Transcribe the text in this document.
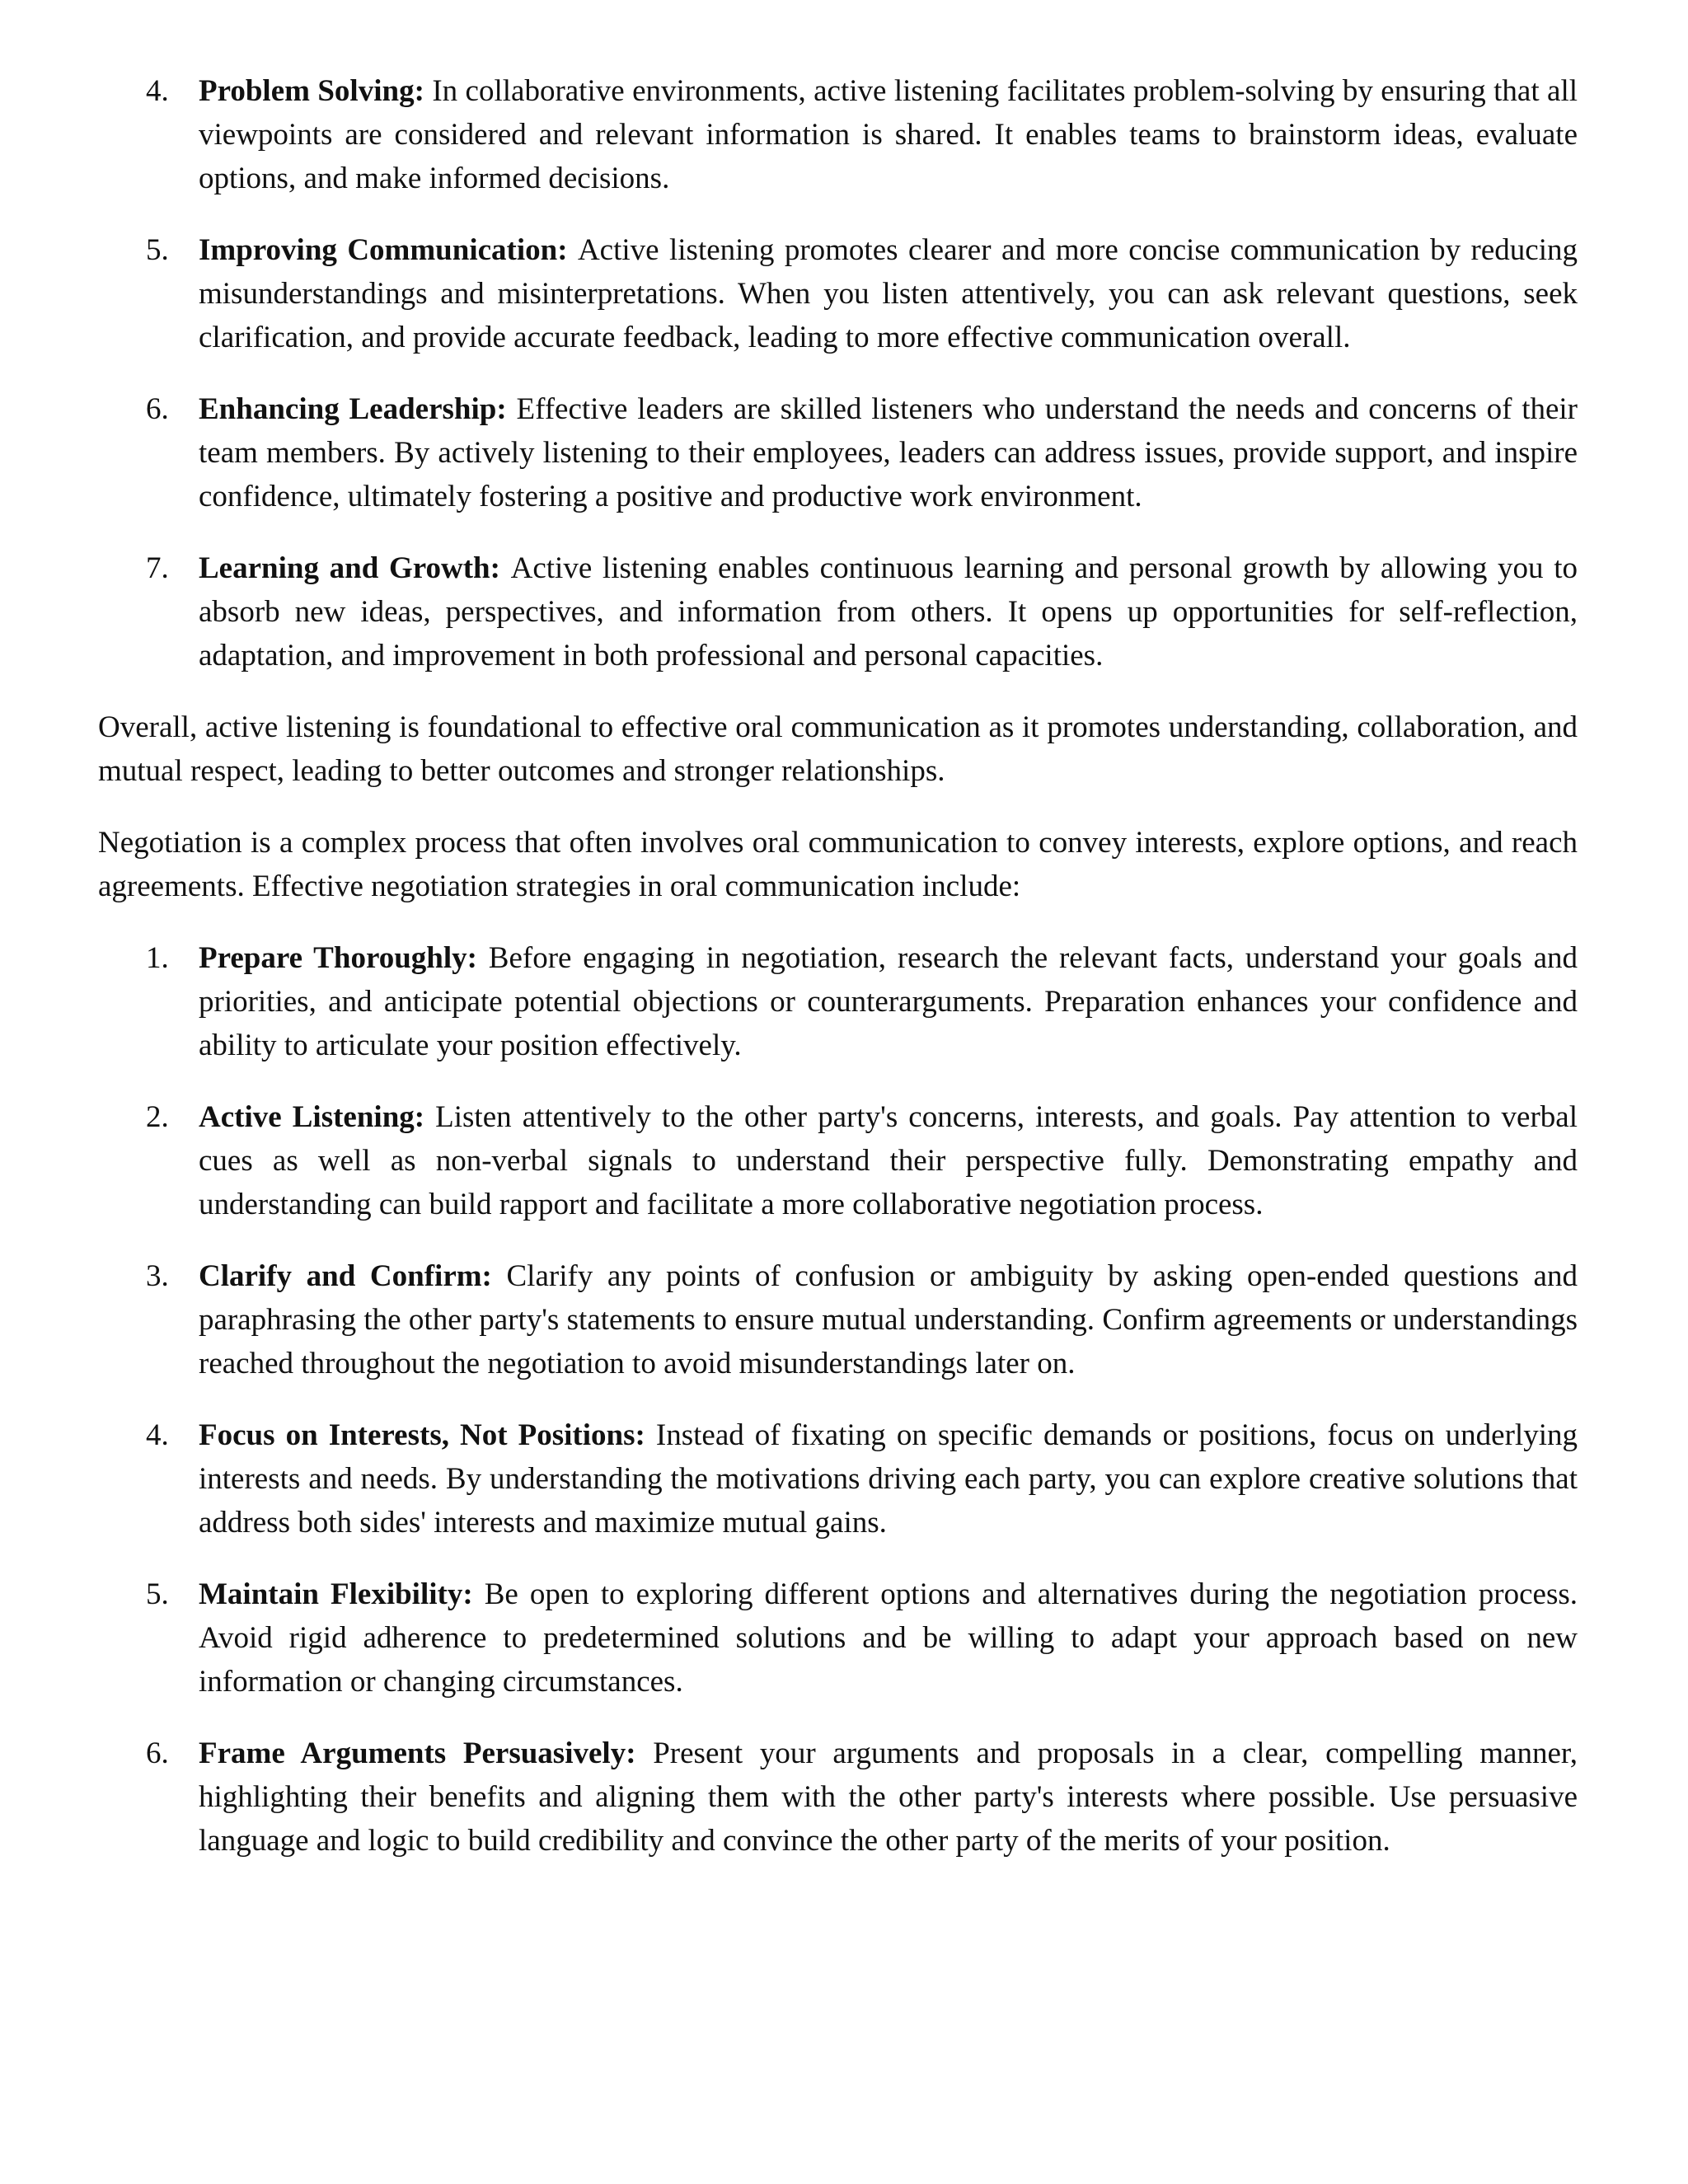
4. Problem Solving: In collaborative environments, active listening facilitates problem-solving by ensuring that all viewpoints are considered and relevant information is shared. It enables teams to brainstorm ideas, evaluate options, and make informed decisions.
5. Improving Communication: Active listening promotes clearer and more concise communication by reducing misunderstandings and misinterpretations. When you listen attentively, you can ask relevant questions, seek clarification, and provide accurate feedback, leading to more effective communication overall.
6. Enhancing Leadership: Effective leaders are skilled listeners who understand the needs and concerns of their team members. By actively listening to their employees, leaders can address issues, provide support, and inspire confidence, ultimately fostering a positive and productive work environment.
7. Learning and Growth: Active listening enables continuous learning and personal growth by allowing you to absorb new ideas, perspectives, and information from others. It opens up opportunities for self-reflection, adaptation, and improvement in both professional and personal capacities.

Overall, active listening is foundational to effective oral communication as it promotes understanding, collaboration, and mutual respect, leading to better outcomes and stronger relationships.

Negotiation is a complex process that often involves oral communication to convey interests, explore options, and reach agreements. Effective negotiation strategies in oral communication include:

1. Prepare Thoroughly: Before engaging in negotiation, research the relevant facts, understand your goals and priorities, and anticipate potential objections or counterarguments. Preparation enhances your confidence and ability to articulate your position effectively.
2. Active Listening: Listen attentively to the other party's concerns, interests, and goals. Pay attention to verbal cues as well as non-verbal signals to understand their perspective fully. Demonstrating empathy and understanding can build rapport and facilitate a more collaborative negotiation process.
3. Clarify and Confirm: Clarify any points of confusion or ambiguity by asking open-ended questions and paraphrasing the other party's statements to ensure mutual understanding. Confirm agreements or understandings reached throughout the negotiation to avoid misunderstandings later on.
4. Focus on Interests, Not Positions: Instead of fixating on specific demands or positions, focus on underlying interests and needs. By understanding the motivations driving each party, you can explore creative solutions that address both sides' interests and maximize mutual gains.
5. Maintain Flexibility: Be open to exploring different options and alternatives during the negotiation process. Avoid rigid adherence to predetermined solutions and be willing to adapt your approach based on new information or changing circumstances.
6. Frame Arguments Persuasively: Present your arguments and proposals in a clear, compelling manner, highlighting their benefits and aligning them with the other party's interests where possible. Use persuasive language and logic to build credibility and convince the other party of the merits of your position.
